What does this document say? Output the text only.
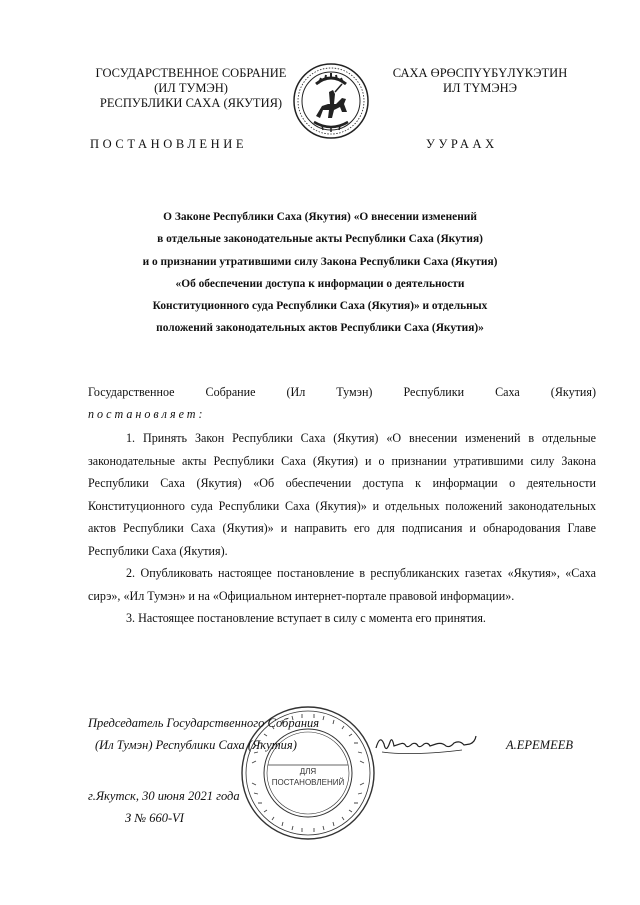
ГОСУДАРСТВЕННОЕ СОБРАНИЕ
(ИЛ ТУМЭН)
РЕСПУБЛИКИ САХА (ЯКУТИЯ)
САХА ӨРӨСПҮҮБҮЛҮКЭТИН
ИЛ ТҮМЭНЭ
ПОСТАНОВЛЕНИЕ	УУРААХ
О Законе Республики Саха (Якутия) «О внесении изменений
в отдельные законодательные акты Республики Саха (Якутия)
и о признании утратившими силу Закона Республики Саха (Якутия)
«Об обеспечении доступа к информации о деятельности
Конституционного суда Республики Саха (Якутия)» и отдельных
положений законодательных актов Республики Саха (Якутия)»
Государственное Собрание (Ил Тумэн) Республики Саха (Якутия)
постановляет:
1. Принять Закон Республики Саха (Якутия) «О внесении изменений в отдельные законодательные акты Республики Саха (Якутия) и о признании утратившими силу Закона Республики Саха (Якутия) «Об обеспечении доступа к информации о деятельности Конституционного суда Республики Саха (Якутия)» и отдельных положений законодательных актов Республики Саха (Якутия)» и направить его для подписания и обнародования Главе Республики Саха (Якутия).
2. Опубликовать настоящее постановление в республиканских газетах «Якутия», «Саха сирэ», «Ил Тумэн» и на «Официальном интернет-портале правовой информации».
3. Настоящее постановление вступает в силу с момента его принятия.
ДЛЯ
ПОСТАНОВЛЕНИЙ
Председатель Государственного Собрания
(Ил Тумэн) Республики Саха (Якутия)	А.ЕРЕМЕЕВ
г.Якутск, 30 июня 2021 года
З № 660-VI
